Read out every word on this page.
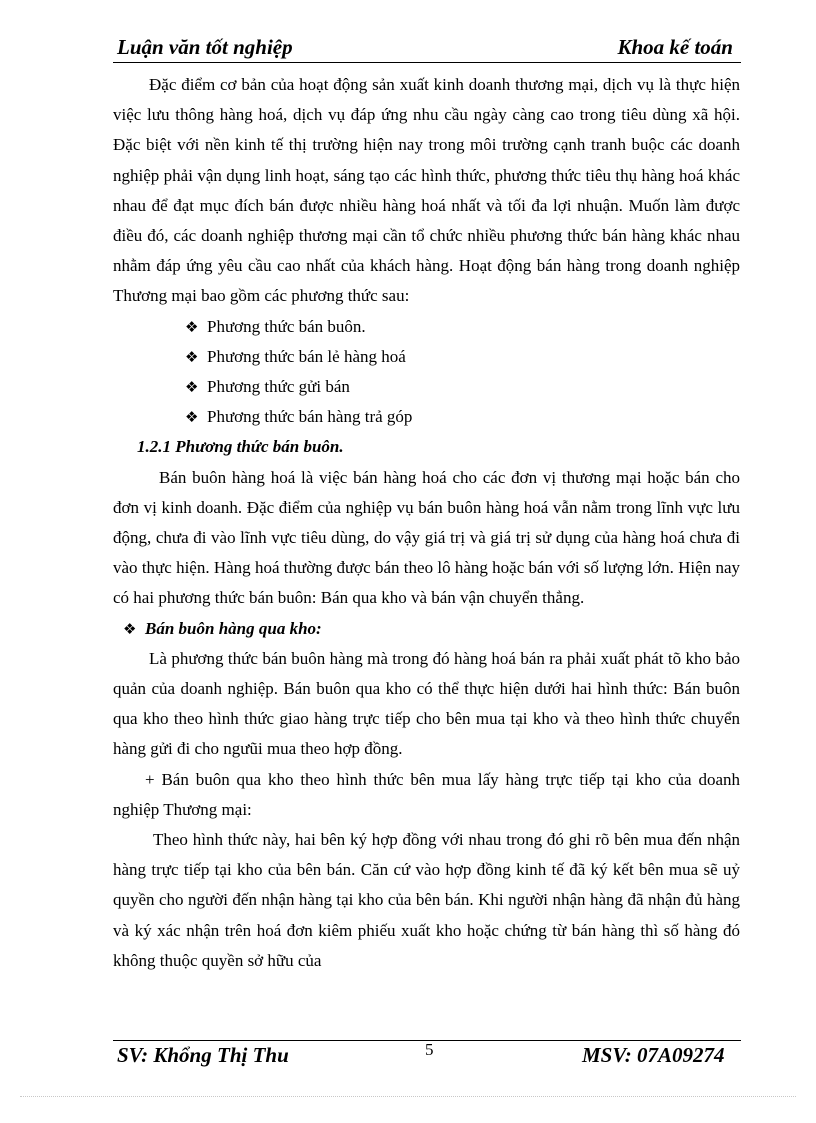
Luận văn tốt nghiệp	Khoa kế toán

Đặc điểm cơ bản của hoạt động sản xuất kinh doanh thương mại, dịch vụ là thực hiện việc lưu thông hàng hoá, dịch vụ đáp ứng nhu cầu ngày càng cao trong tiêu dùng xã hội. Đặc biệt với nền kinh tế thị trường hiện nay trong môi trường cạnh tranh buộc các doanh nghiệp phải vận dụng linh hoạt, sáng tạo các hình thức, phương thức tiêu thụ hàng hoá khác nhau để đạt mục đích bán được nhiều hàng hoá nhất và tối đa lợi nhuận. Muốn làm được điều đó, các doanh nghiệp thương mại cần tổ chức nhiều phương thức bán hàng khác nhau nhằm đáp ứng yêu cầu cao nhất của khách hàng. Hoạt động bán hàng trong doanh nghiệp Thương mại bao gồm các phương thức sau:

❖ Phương thức bán buôn.
❖ Phương thức bán lẻ hàng hoá
❖ Phương thức gửi bán
❖ Phương thức bán hàng trả góp

1.2.1 Phương thức bán buôn.

Bán buôn hàng hoá là việc bán hàng hoá cho các đơn vị thương mại hoặc bán cho đơn vị kinh doanh. Đặc điểm của nghiệp vụ bán buôn hàng hoá vẫn nằm trong lĩnh vực lưu động, chưa đi vào lĩnh vực tiêu dùng, do vậy giá trị và giá trị sử dụng của hàng hoá chưa đi vào thực hiện. Hàng hoá thường được bán theo lô hàng hoặc bán với số lượng lớn. Hiện nay có hai phương thức bán buôn: Bán qua kho và bán vận chuyển thẳng.

❖ Bán buôn hàng qua kho:

Là phương thức bán buôn hàng mà trong đó hàng hoá bán ra phải xuất phát tõ kho bảo quản của doanh nghiệp. Bán buôn qua kho có thể thực hiện dưới hai hình thức: Bán buôn qua kho theo hình thức giao hàng trực tiếp cho bên mua tại kho và theo hình thức chuyển hàng gửi đi cho ngưũi mua theo hợp đồng.

+ Bán buôn qua kho theo hình thức bên mua lấy hàng trực tiếp tại kho của doanh nghiệp Thương mại:

Theo hình thức này, hai bên ký hợp đồng với nhau trong đó ghi rõ bên mua đến nhận hàng trực tiếp tại kho của bên bán. Căn cứ vào hợp đồng kinh tế đã ký kết bên mua sẽ uỷ quyền cho người đến nhận hàng tại kho của bên bán. Khi người nhận hàng đã nhận đủ hàng và ký xác nhận trên hoá đơn kiêm phiếu xuất kho hoặc chứng từ bán hàng thì số hàng đó không thuộc quyền sở hữu của

SV: Khổng Thị Thu	5	MSV: 07A09274
